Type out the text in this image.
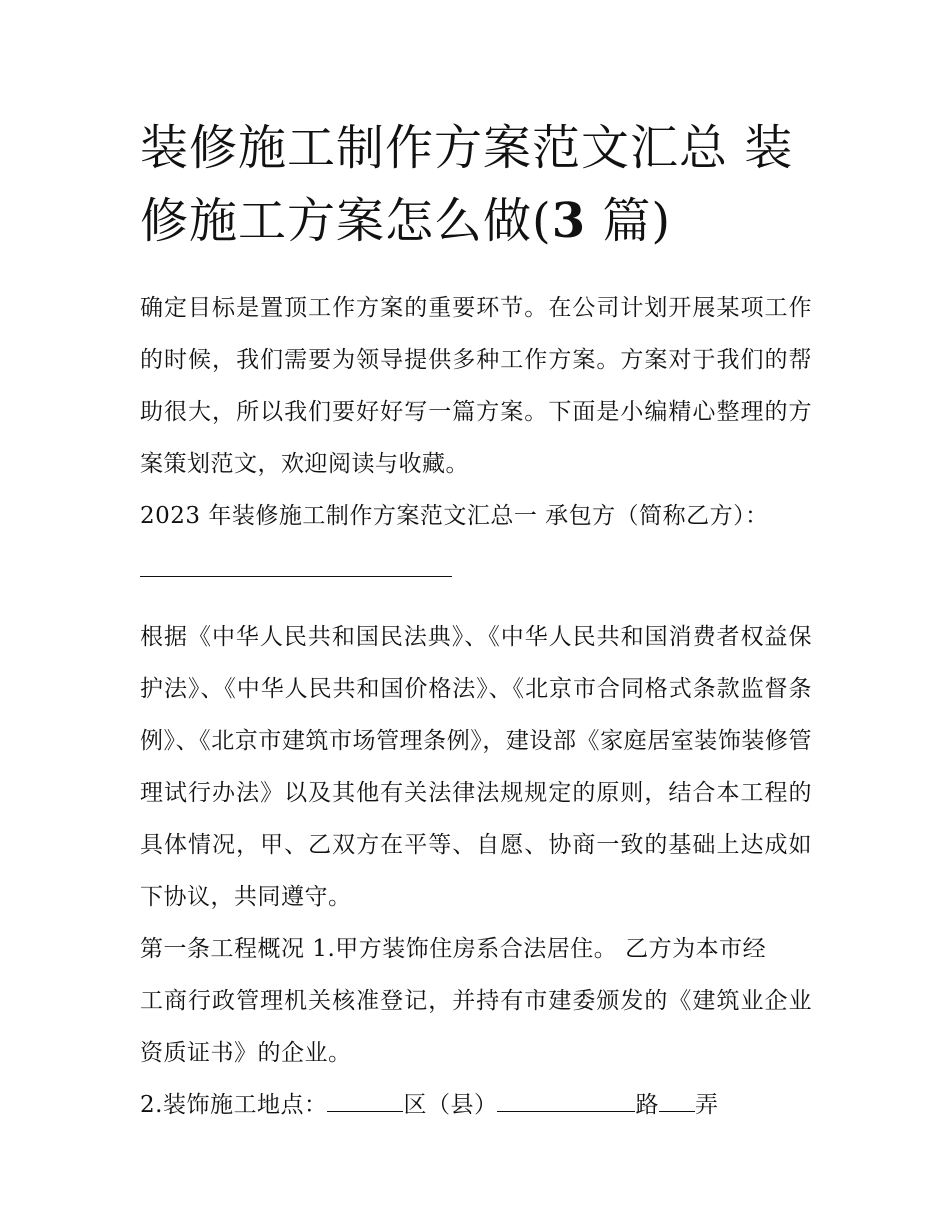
装修施工制作方案范文汇总 装
修施工方案怎么做(3 篇)

确定目标是置顶工作方案的重要环节。在公司计划开展某项工作的时候，我们需要为领导提供多种工作方案。方案对于我们的帮助很大，所以我们要好好写一篇方案。下面是小编精心整理的方案策划范文，欢迎阅读与收藏。

2023 年装修施工制作方案范文汇总一 承包方（简称乙方）：

根据《中华人民共和国民法典》、《中华人民共和国消费者权益保护法》、《中华人民共和国价格法》、《北京市合同格式条款监督条例》、《北京市建筑市场管理条例》，建设部《家庭居室装饰装修管理试行办法》以及其他有关法律法规规定的原则，结合本工程的具体情况，甲、乙双方在平等、自愿、协商一致的基础上达成如下协议，共同遵守。

第一条工程概况 1.甲方装饰住房系合法居住。 乙方为本市经
工商行政管理机关核准登记，并持有市建委颁发的《建筑业企业资质证书》的企业。

2.装饰施工地点：	区（县）	路 弄
